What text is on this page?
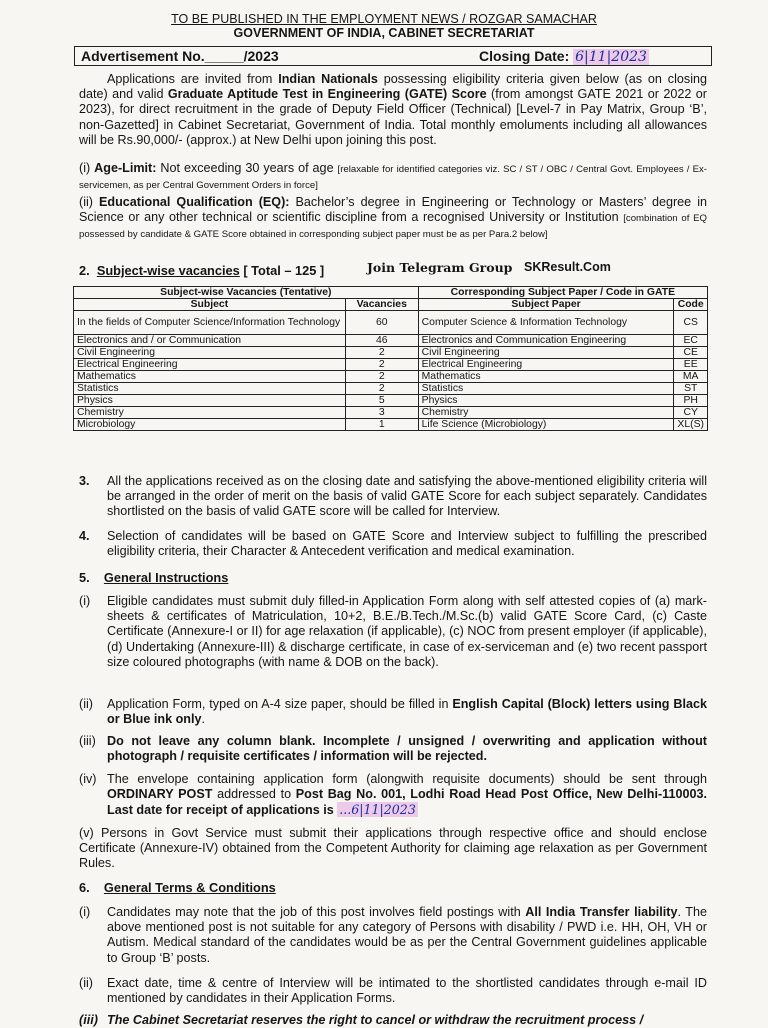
TO BE PUBLISHED IN THE EMPLOYMENT NEWS / ROZGAR SAMACHAR
GOVERNMENT OF INDIA, CABINET SECRETARIAT
Advertisement No._____/2023	Closing Date: 6|11|2023
Applications are invited from Indian Nationals possessing eligibility criteria given below (as on closing date) and valid Graduate Aptitude Test in Engineering (GATE) Score (from amongst GATE 2021 or 2022 or 2023), for direct recruitment in the grade of Deputy Field Officer (Technical) [Level-7 in Pay Matrix, Group ‘B’, non-Gazetted] in Cabinet Secretariat, Government of India. Total monthly emoluments including all allowances will be Rs.90,000/- (approx.) at New Delhi upon joining this post.
(i) Age-Limit: Not exceeding 30 years of age [relaxable for identified categories viz. SC / ST / OBC / Central Govt. Employees / Ex-servicemen, as per Central Government Orders in force]
(ii) Educational Qualification (EQ): Bachelor’s degree in Engineering or Technology or Masters’ degree in Science or any other technical or scientific discipline from a recognised University or Institution [combination of EQ possessed by candidate & GATE Score obtained in corresponding subject paper must be as per Para.2 below]
2. Subject-wise vacancies [ Total – 125 ]	Join Telegram Group SKResult.Com
Subject-wise Vacancies (Tentative)		Corresponding Subject Paper / Code in GATE	
Subject	Vacancies	Subject Paper	Code
In the fields of Computer Science/Information Technology	60	Computer Science & Information Technology	CS
Electronics and / or Communication	46	Electronics and Communication Engineering	EC
Civil Engineering	2	Civil Engineering	CE
Electrical Engineering	2	Electrical Engineering	EE
Mathematics	2	Mathematics	MA
Statistics	2	Statistics	ST
Physics	5	Physics	PH
Chemistry	3	Chemistry	CY
Microbiology	1	Life Science (Microbiology)	XL(S)
3. All the applications received as on the closing date and satisfying the above-mentioned eligibility criteria will be arranged in the order of merit on the basis of valid GATE Score for each subject separately. Candidates shortlisted on the basis of valid GATE score will be called for Interview.
4. Selection of candidates will be based on GATE Score and Interview subject to fulfilling the prescribed eligibility criteria, their Character & Antecedent verification and medical examination.
5. General Instructions
(i)	Eligible candidates must submit duly filled-in Application Form along with self attested copies of (a) mark-sheets & certificates of Matriculation, 10+2, B.E./B.Tech./M.Sc.(b) valid GATE Score Card, (c) Caste Certificate (Annexure-I or II) for age relaxation (if applicable), (c) NOC from present employer (if applicable), (d) Undertaking (Annexure-III) & discharge certificate, in case of ex-serviceman and (e) two recent passport size coloured photographs (with name & DOB on the back).
(ii)	Application Form, typed on A-4 size paper, should be filled in English Capital (Block) letters using Black or Blue ink only.
(iii) Do not leave any column blank. Incomplete / unsigned / overwriting and application without photograph / requisite certificates / information will be rejected.
(iv) The envelope containing application form (alongwith requisite documents) should be sent through ORDINARY POST addressed to Post Bag No. 001, Lodhi Road Head Post Office, New Delhi-110003. Last date for receipt of applications is ...6|11|2023
(v) Persons in Govt Service must submit their applications through respective office and should enclose Certificate (Annexure-IV) obtained from the Competent Authority for claiming age relaxation as per Government Rules.
6. General Terms & Conditions
(i)	Candidates may note that the job of this post involves field postings with All India Transfer liability. The above mentioned post is not suitable for any category of Persons with disability / PWD i.e. HH, OH, VH or Autism. Medical standard of the candidates would be as per the Central Government guidelines applicable to Group ‘B’ posts.
(ii)	Exact date, time & centre of Interview will be intimated to the shortlisted candidates through e-mail ID mentioned by candidates in their Application Forms.
(iii) The Cabinet Secretariat reserves the right to cancel or withdraw the recruitment process /
